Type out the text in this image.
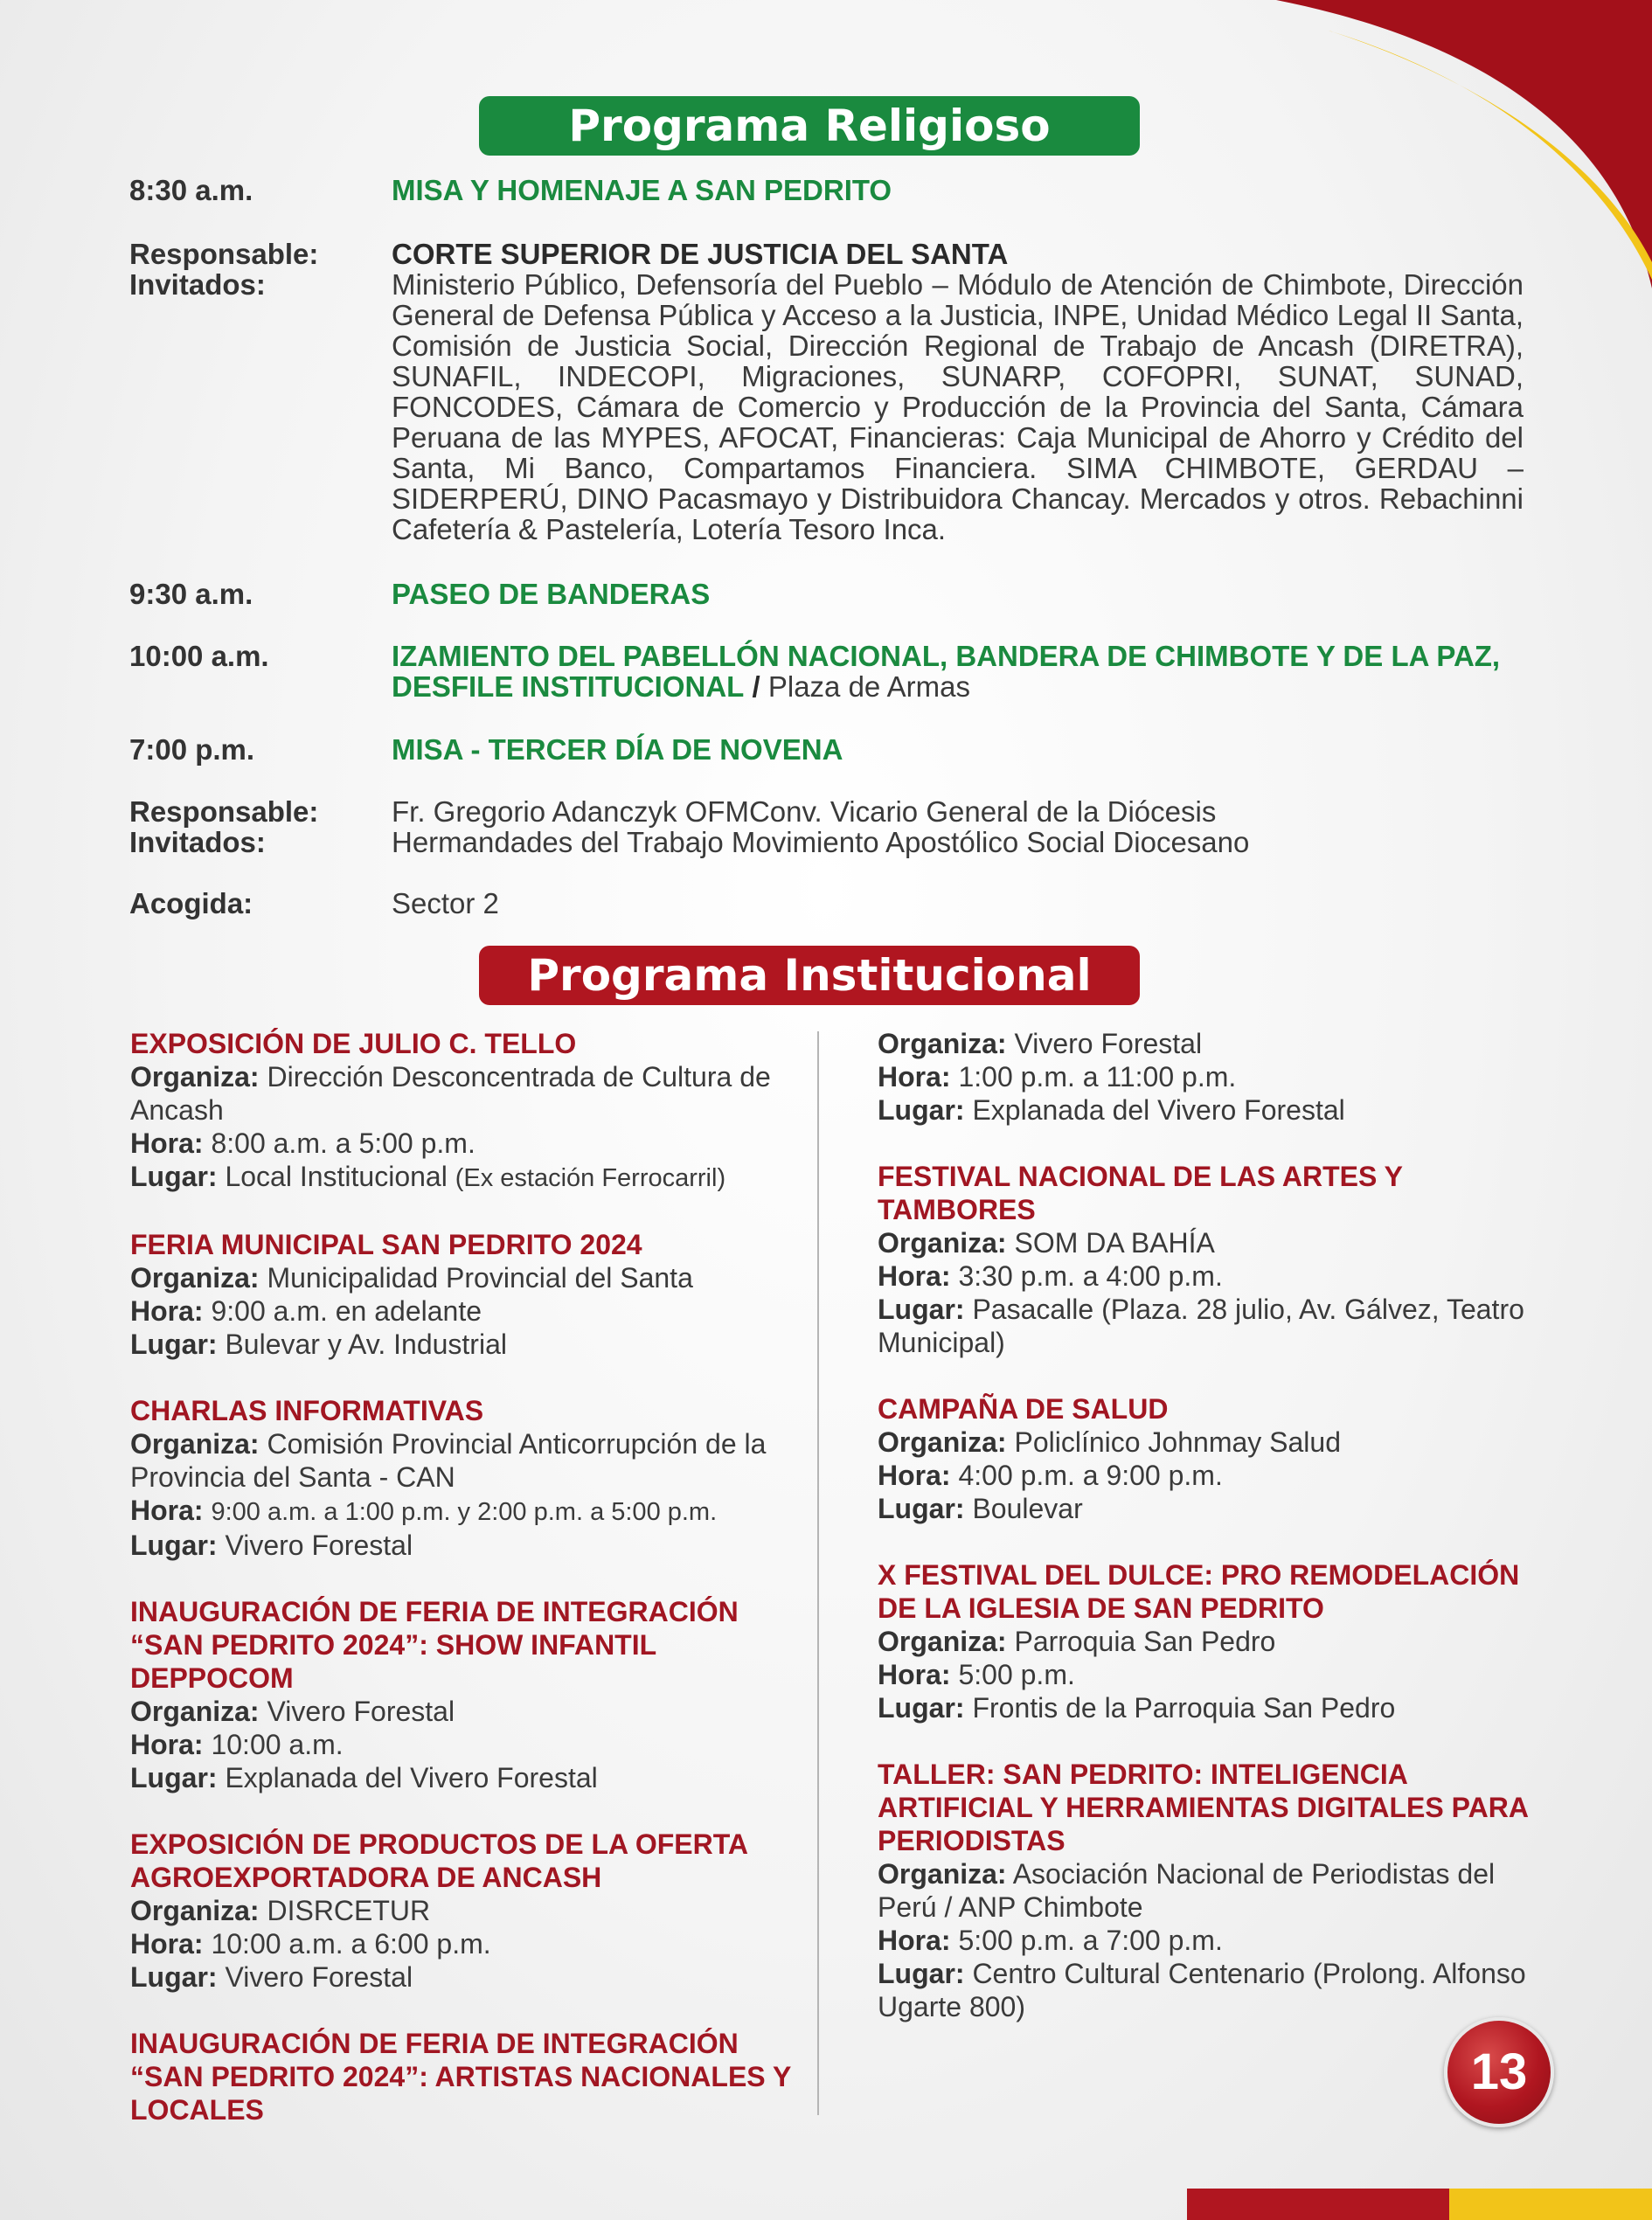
Programa Religioso
8:30 a.m.	MISA Y HOMENAJE A SAN PEDRITO
Responsable:	CORTE SUPERIOR DE JUSTICIA DEL SANTA
Invitados:	Ministerio Público, Defensoría del Pueblo – Módulo de Atención de Chimbote, Dirección General de Defensa Pública y Acceso a la Justicia, INPE, Unidad Médico Legal II Santa, Comisión de Justicia Social, Dirección Regional de Trabajo de Ancash (DIRETRA), SUNAFIL, INDECOPI, Migraciones, SUNARP, COFOPRI, SUNAT, SUNAD, FONCODES, Cámara de Comercio y Producción de la Provincia del Santa, Cámara Peruana de las MYPES, AFOCAT, Financieras: Caja Municipal de Ahorro y Crédito del Santa, Mi Banco, Compartamos Financiera. SIMA CHIMBOTE, GERDAU –SIDERPERÚ, DINO Pacasmayo y Distribuidora Chancay. Mercados y otros. Rebachinni Cafetería & Pastelería, Lotería Tesoro Inca.
9:30 a.m.	PASEO DE BANDERAS
10:00 a.m.	IZAMIENTO DEL PABELLÓN NACIONAL, BANDERA DE CHIMBOTE Y DE LA PAZ, DESFILE INSTITUCIONAL / Plaza de Armas
7:00 p.m.	MISA - TERCER DÍA DE NOVENA
Responsable:	Fr. Gregorio Adanczyk OFMConv. Vicario General de la Diócesis
Invitados:	Hermandades del Trabajo Movimiento Apostólico Social Diocesano
Acogida:	Sector 2
Programa Institucional
EXPOSICIÓN DE JULIO C. TELLO
Organiza: Dirección Desconcentrada de Cultura de Ancash
Hora: 8:00 a.m. a 5:00 p.m.
Lugar: Local Institucional (Ex estación Ferrocarril)
FERIA MUNICIPAL SAN PEDRITO 2024
Organiza: Municipalidad Provincial del Santa
Hora: 9:00 a.m. en adelante
Lugar: Bulevar y Av. Industrial
CHARLAS INFORMATIVAS
Organiza: Comisión Provincial Anticorrupción de la Provincia del Santa - CAN
Hora: 9:00 a.m. a 1:00 p.m. y 2:00 p.m. a 5:00 p.m.
Lugar: Vivero Forestal
INAUGURACIÓN DE FERIA DE INTEGRACIÓN “SAN PEDRITO 2024”: SHOW INFANTIL DEPPOCOM
Organiza: Vivero Forestal
Hora: 10:00 a.m.
Lugar: Explanada del Vivero Forestal
EXPOSICIÓN DE PRODUCTOS DE LA OFERTA AGROEXPORTADORA DE ANCASH
Organiza: DISRCETUR
Hora: 10:00 a.m. a 6:00 p.m.
Lugar: Vivero Forestal
INAUGURACIÓN DE FERIA DE INTEGRACIÓN “SAN PEDRITO 2024”: ARTISTAS NACIONALES Y LOCALES
Organiza: Vivero Forestal
Hora: 1:00 p.m. a 11:00 p.m.
Lugar: Explanada del Vivero Forestal
FESTIVAL NACIONAL DE LAS ARTES Y TAMBORES
Organiza: SOM DA BAHÍA
Hora: 3:30 p.m. a 4:00 p.m.
Lugar: Pasacalle (Plaza. 28 julio, Av. Gálvez, Teatro Municipal)
CAMPAÑA DE SALUD
Organiza: Policlínico Johnmay Salud
Hora: 4:00 p.m. a 9:00 p.m.
Lugar: Boulevar
X FESTIVAL DEL DULCE: PRO REMODELACIÓN DE LA IGLESIA DE SAN PEDRITO
Organiza: Parroquia San Pedro
Hora: 5:00 p.m.
Lugar: Frontis de la Parroquia San Pedro
TALLER: SAN PEDRITO: INTELIGENCIA ARTIFICIAL Y HERRAMIENTAS DIGITALES PARA PERIODISTAS
Organiza: Asociación Nacional de Periodistas del Perú / ANP Chimbote
Hora: 5:00 p.m. a 7:00 p.m.
Lugar: Centro Cultural Centenario (Prolong. Alfonso Ugarte 800)
13
